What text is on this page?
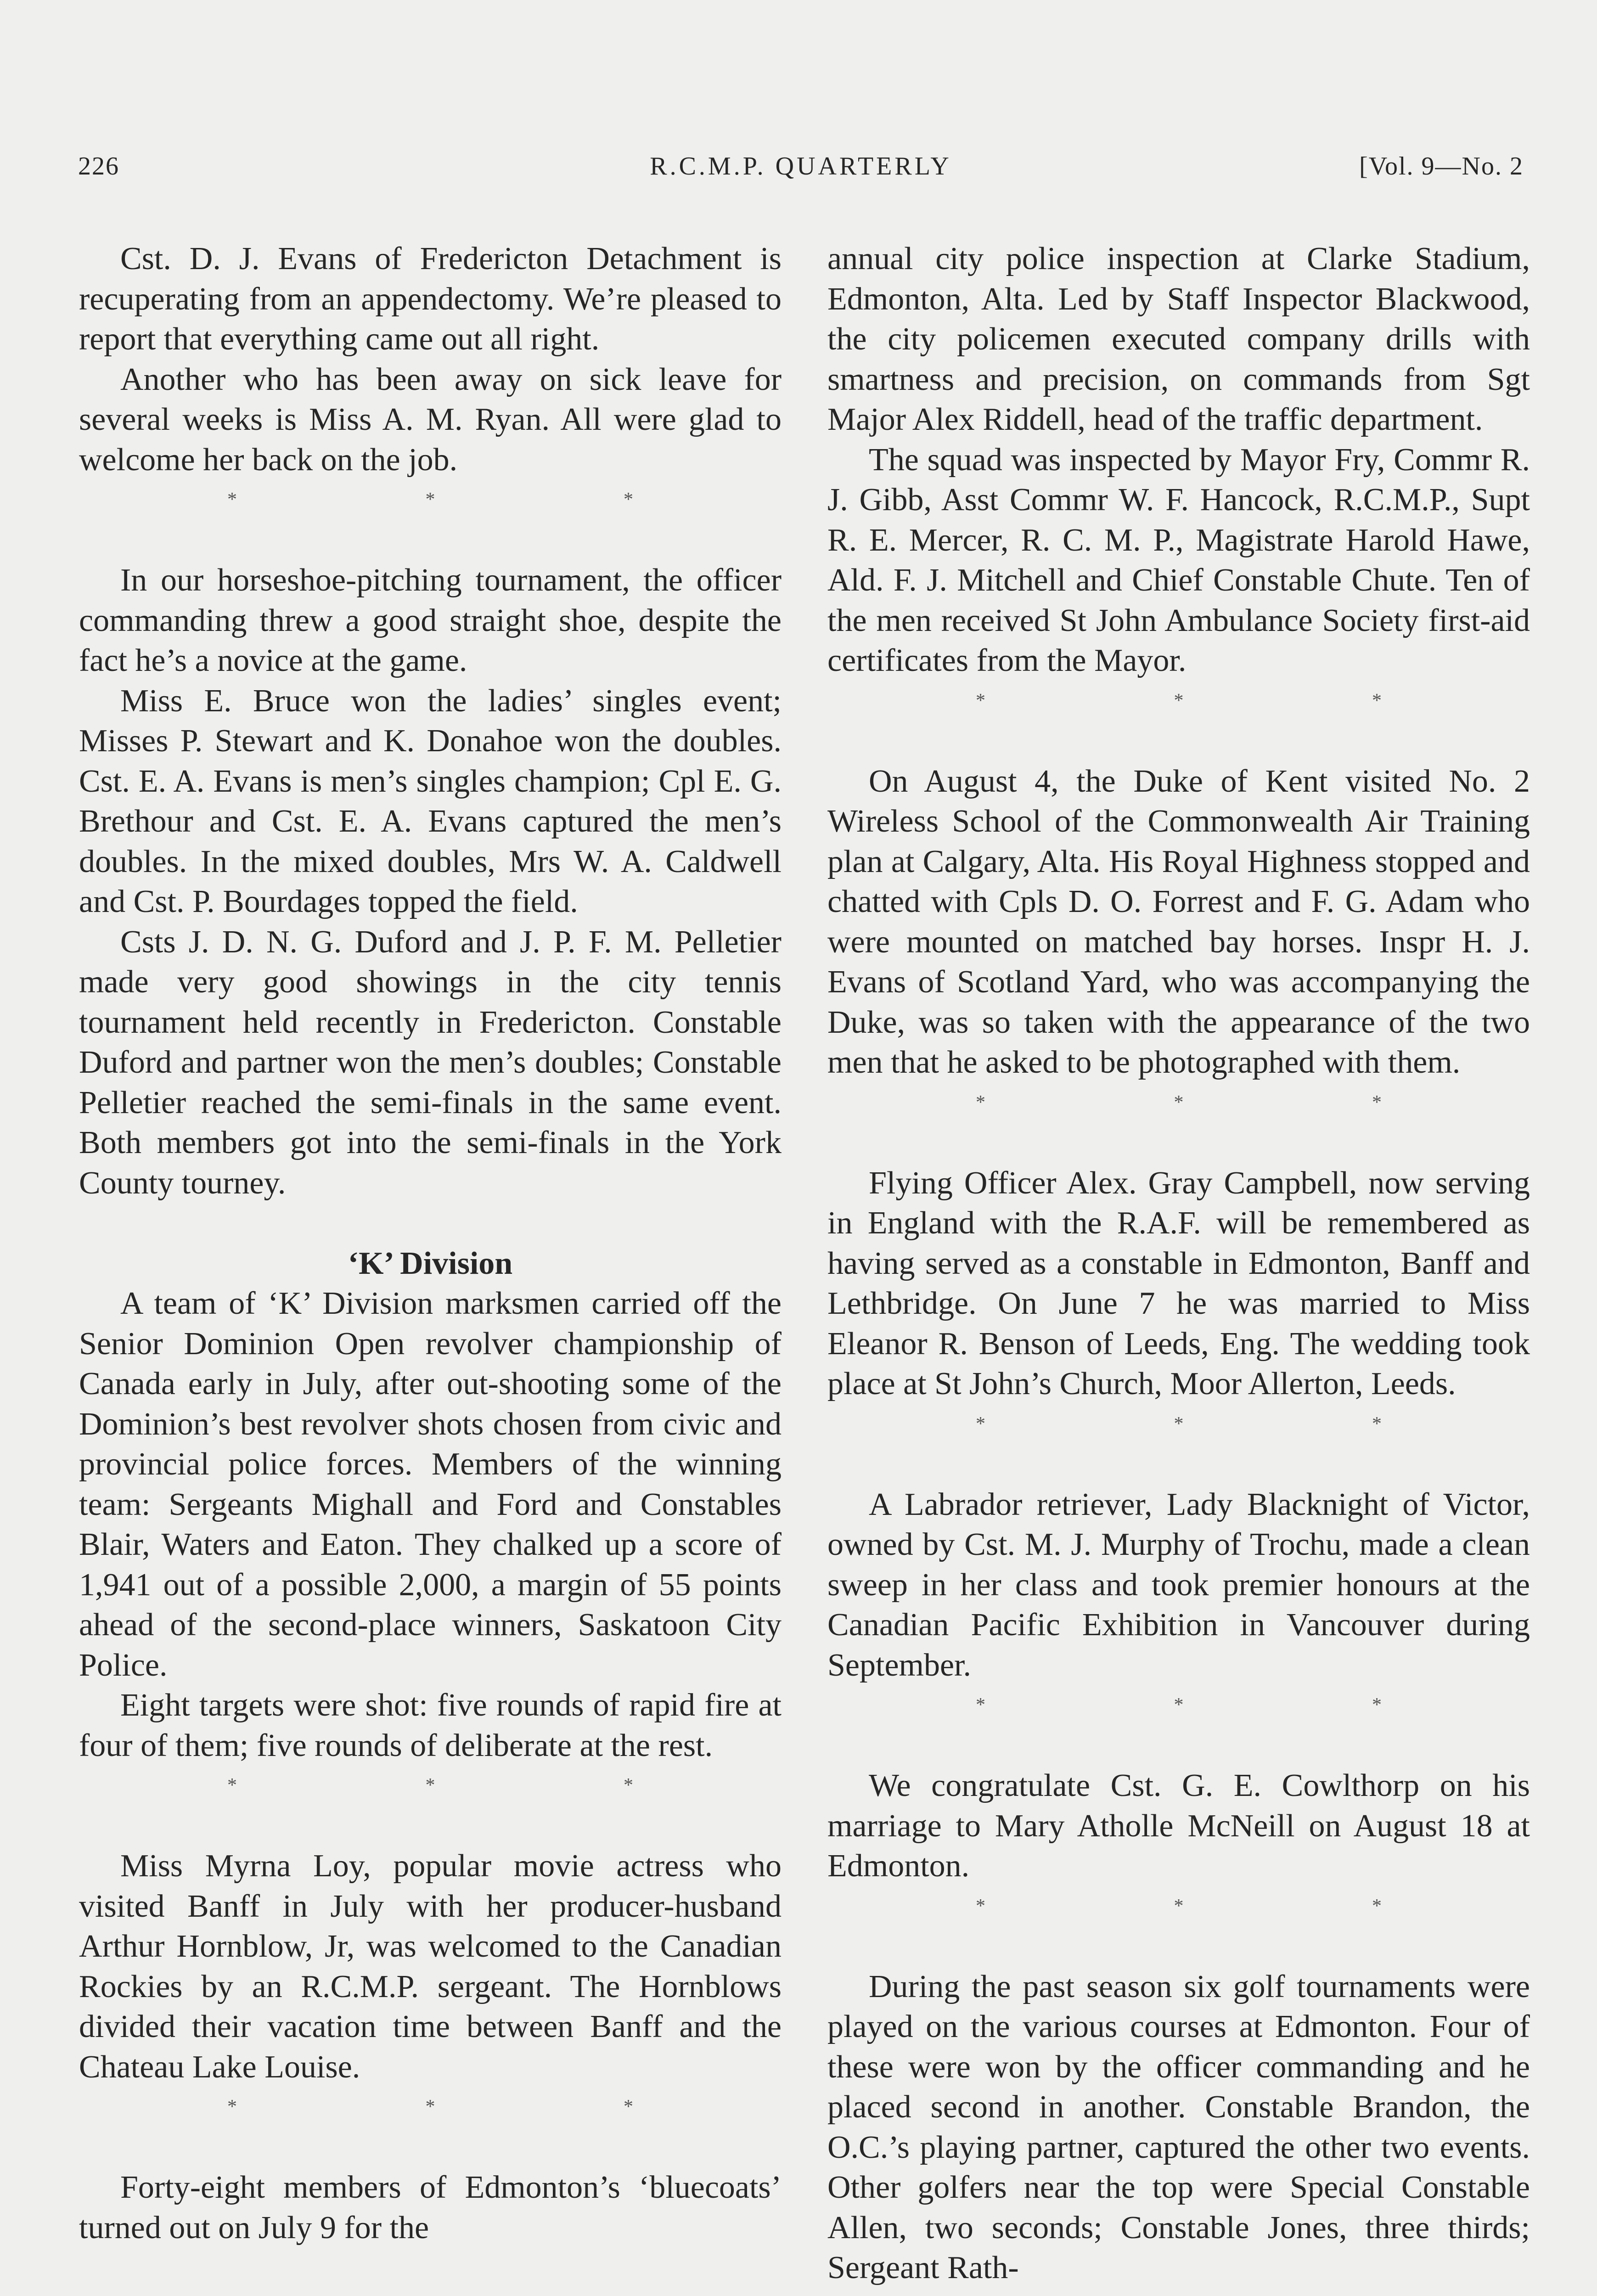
226	R.C.M.P. QUARTERLY	[Vol. 9—No. 2

Cst. D. J. Evans of Fredericton Detachment is recuperating from an appendectomy. We’re pleased to report that everything came out all right.

Another who has been away on sick leave for several weeks is Miss A. M. Ryan. All were glad to welcome her back on the job.

* * *

In our horseshoe-pitching tournament, the officer commanding threw a good straight shoe, despite the fact he’s a novice at the game.

Miss E. Bruce won the ladies’ singles event; Misses P. Stewart and K. Donahoe won the doubles. Cst. E. A. Evans is men’s singles champion; Cpl E. G. Brethour and Cst. E. A. Evans captured the men’s doubles. In the mixed doubles, Mrs W. A. Caldwell and Cst. P. Bourdages topped the field.

Csts J. D. N. G. Duford and J. P. F. M. Pelletier made very good showings in the city tennis tournament held recently in Fredericton. Constable Duford and partner won the men’s doubles; Constable Pelletier reached the semi-finals in the same event. Both members got into the semi-finals in the York County tourney.

‘K’ Division

A team of ‘K’ Division marksmen carried off the Senior Dominion Open revolver championship of Canada early in July, after out-shooting some of the Dominion’s best revolver shots chosen from civic and provincial police forces. Members of the winning team: Sergeants Mighall and Ford and Constables Blair, Waters and Eaton. They chalked up a score of 1,941 out of a possible 2,000, a margin of 55 points ahead of the second-place winners, Saskatoon City Police.

Eight targets were shot: five rounds of rapid fire at four of them; five rounds of deliberate at the rest.

* * *

Miss Myrna Loy, popular movie actress who visited Banff in July with her producer-husband Arthur Hornblow, Jr, was welcomed to the Canadian Rockies by an R.C.M.P. sergeant. The Hornblows divided their vacation time between Banff and the Chateau Lake Louise.

* * *

Forty-eight members of Edmonton’s ‘bluecoats’ turned out on July 9 for the

annual city police inspection at Clarke Stadium, Edmonton, Alta. Led by Staff Inspector Blackwood, the city policemen executed company drills with smartness and precision, on commands from Sgt Major Alex Riddell, head of the traffic department.

The squad was inspected by Mayor Fry, Commr R. J. Gibb, Asst Commr W. F. Hancock, R.C.M.P., Supt R. E. Mercer, R. C. M. P., Magistrate Harold Hawe, Ald. F. J. Mitchell and Chief Constable Chute. Ten of the men received St John Ambulance Society first-aid certificates from the Mayor.

* * *

On August 4, the Duke of Kent visited No. 2 Wireless School of the Commonwealth Air Training plan at Calgary, Alta. His Royal Highness stopped and chatted with Cpls D. O. Forrest and F. G. Adam who were mounted on matched bay horses. Inspr H. J. Evans of Scotland Yard, who was accompanying the Duke, was so taken with the appearance of the two men that he asked to be photographed with them.

* * *

Flying Officer Alex. Gray Campbell, now serving in England with the R.A.F. will be remembered as having served as a constable in Edmonton, Banff and Lethbridge. On June 7 he was married to Miss Eleanor R. Benson of Leeds, Eng. The wedding took place at St John’s Church, Moor Allerton, Leeds.

* * *

A Labrador retriever, Lady Blacknight of Victor, owned by Cst. M. J. Murphy of Trochu, made a clean sweep in her class and took premier honours at the Canadian Pacific Exhibition in Vancouver during September.

* * *

We congratulate Cst. G. E. Cowlthorp on his marriage to Mary Atholle McNeill on August 18 at Edmonton.

* * *

During the past season six golf tournaments were played on the various courses at Edmonton. Four of these were won by the officer commanding and he placed second in another. Constable Brandon, the O.C.’s playing partner, captured the other two events. Other golfers near the top were Special Constable Allen, two seconds; Constable Jones, three thirds; Sergeant Rath-
